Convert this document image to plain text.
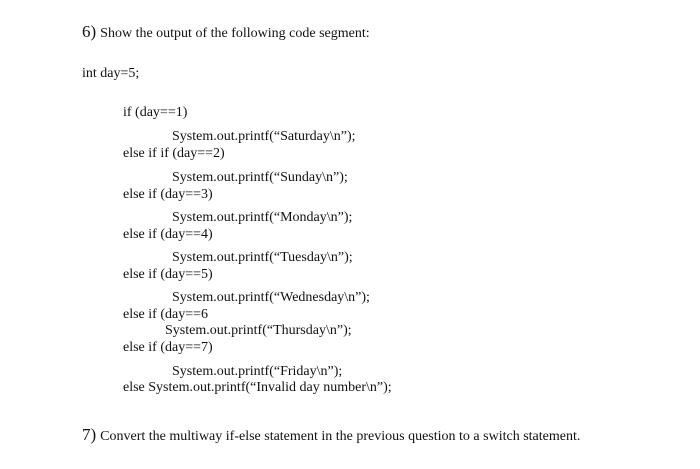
6) Show the output of the following code segment:
int day=5;
if (day==1)
System.out.printf(“Saturday\n”);
else if if (day==2)
System.out.printf(“Sunday\n”);
else if (day==3)
System.out.printf(“Monday\n”);
else if (day==4)
System.out.printf(“Tuesday\n”);
else if (day==5)
System.out.printf(“Wednesday\n”);
else if (day==6
System.out.printf(“Thursday\n”);
else if (day==7)
System.out.printf(“Friday\n”);
else System.out.printf(“Invalid day number\n”);
7) Convert the multiway if-else statement in the previous question to a switch statement.
